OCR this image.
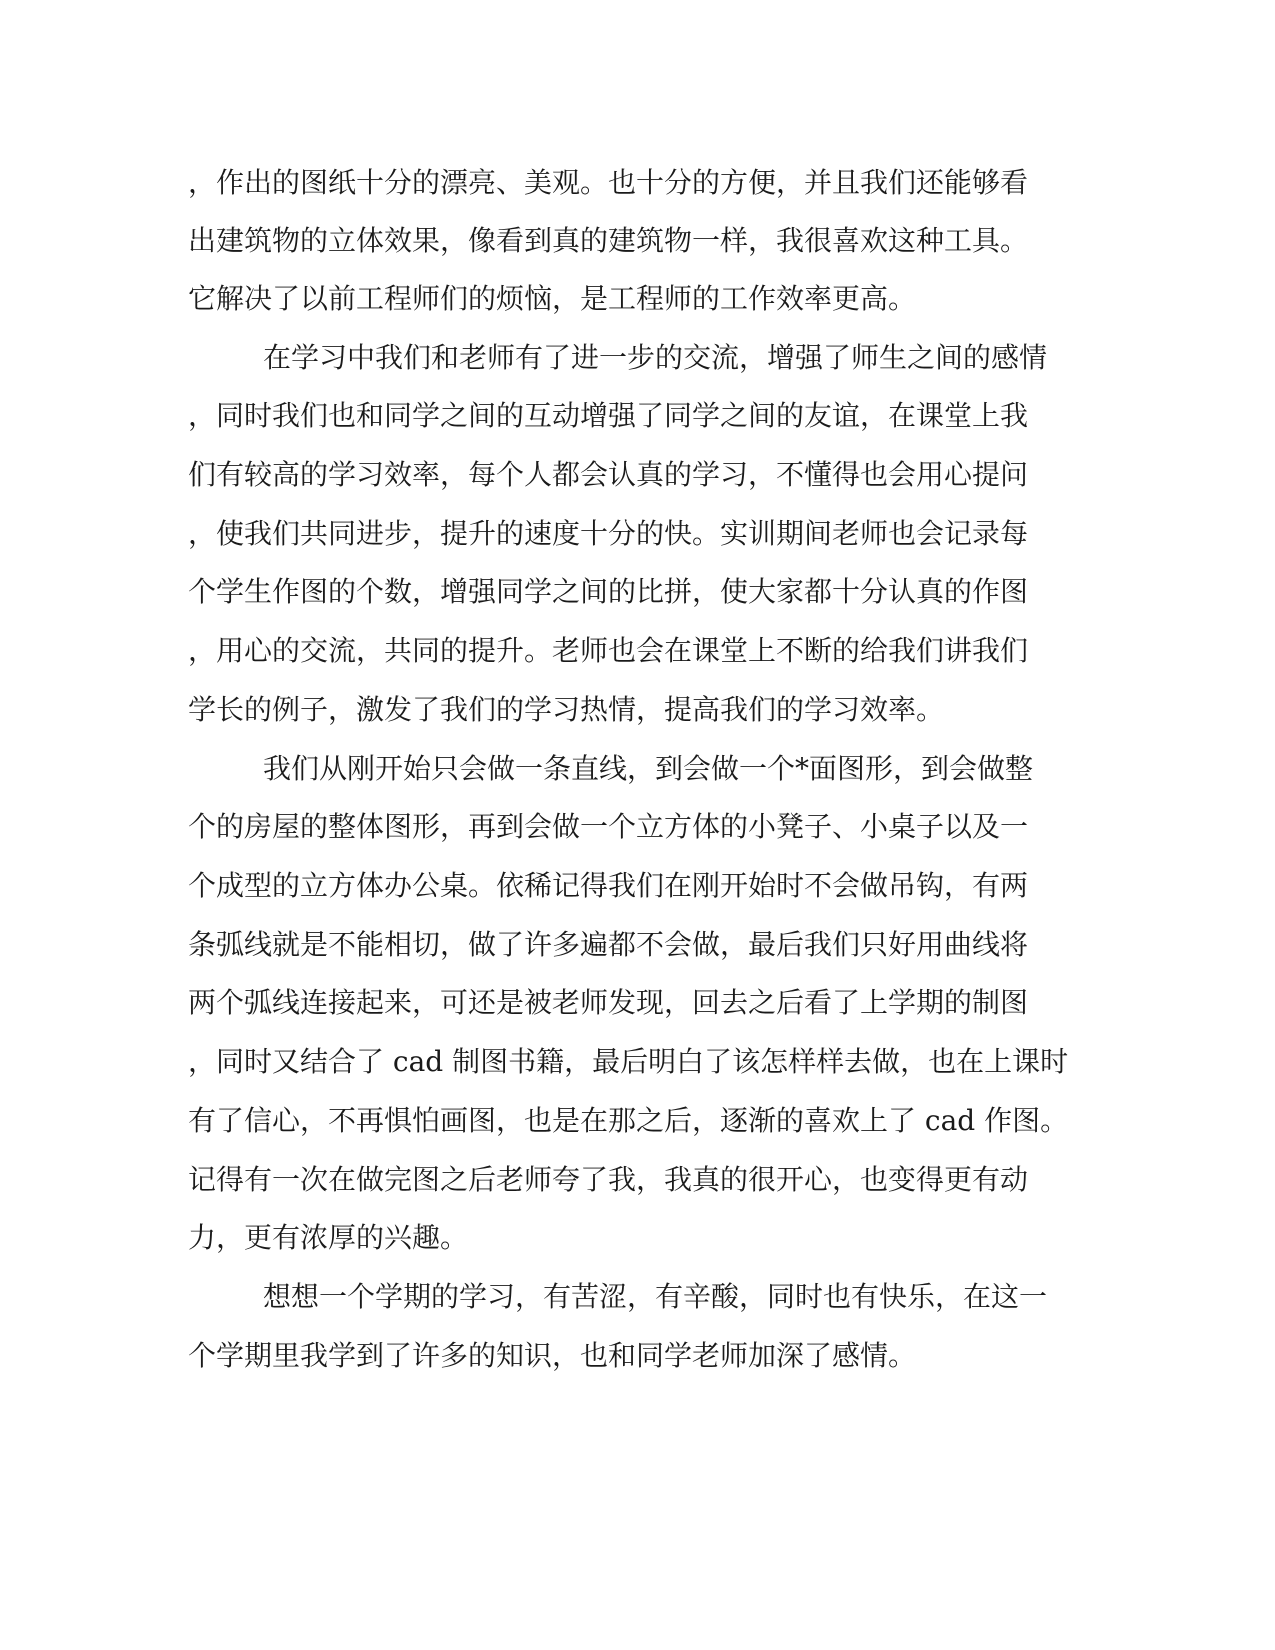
，作出的图纸十分的漂亮、美观。也十分的方便，并且我们还能够看

出建筑物的立体效果，像看到真的建筑物一样，我很喜欢这种工具。

它解决了以前工程师们的烦恼，是工程师的工作效率更高。

在学习中我们和老师有了进一步的交流，增强了师生之间的感情

，同时我们也和同学之间的互动增强了同学之间的友谊，在课堂上我

们有较高的学习效率，每个人都会认真的学习，不懂得也会用心提问

，使我们共同进步，提升的速度十分的快。实训期间老师也会记录每

个学生作图的个数，增强同学之间的比拼，使大家都十分认真的作图

，用心的交流，共同的提升。老师也会在课堂上不断的给我们讲我们

学长的例子，激发了我们的学习热情，提高我们的学习效率。

我们从刚开始只会做一条直线，到会做一个*面图形，到会做整

个的房屋的整体图形，再到会做一个立方体的小凳子、小桌子以及一

个成型的立方体办公桌。依稀记得我们在刚开始时不会做吊钩，有两

条弧线就是不能相切，做了许多遍都不会做，最后我们只好用曲线将

两个弧线连接起来，可还是被老师发现，回去之后看了上学期的制图

，同时又结合了 cad 制图书籍，最后明白了该怎样样去做，也在上课时

有了信心，不再惧怕画图，也是在那之后，逐渐的喜欢上了 cad 作图。

记得有一次在做完图之后老师夸了我，我真的很开心，也变得更有动

力，更有浓厚的兴趣。

想想一个学期的学习，有苦涩，有辛酸，同时也有快乐，在这一

个学期里我学到了许多的知识，也和同学老师加深了感情。
